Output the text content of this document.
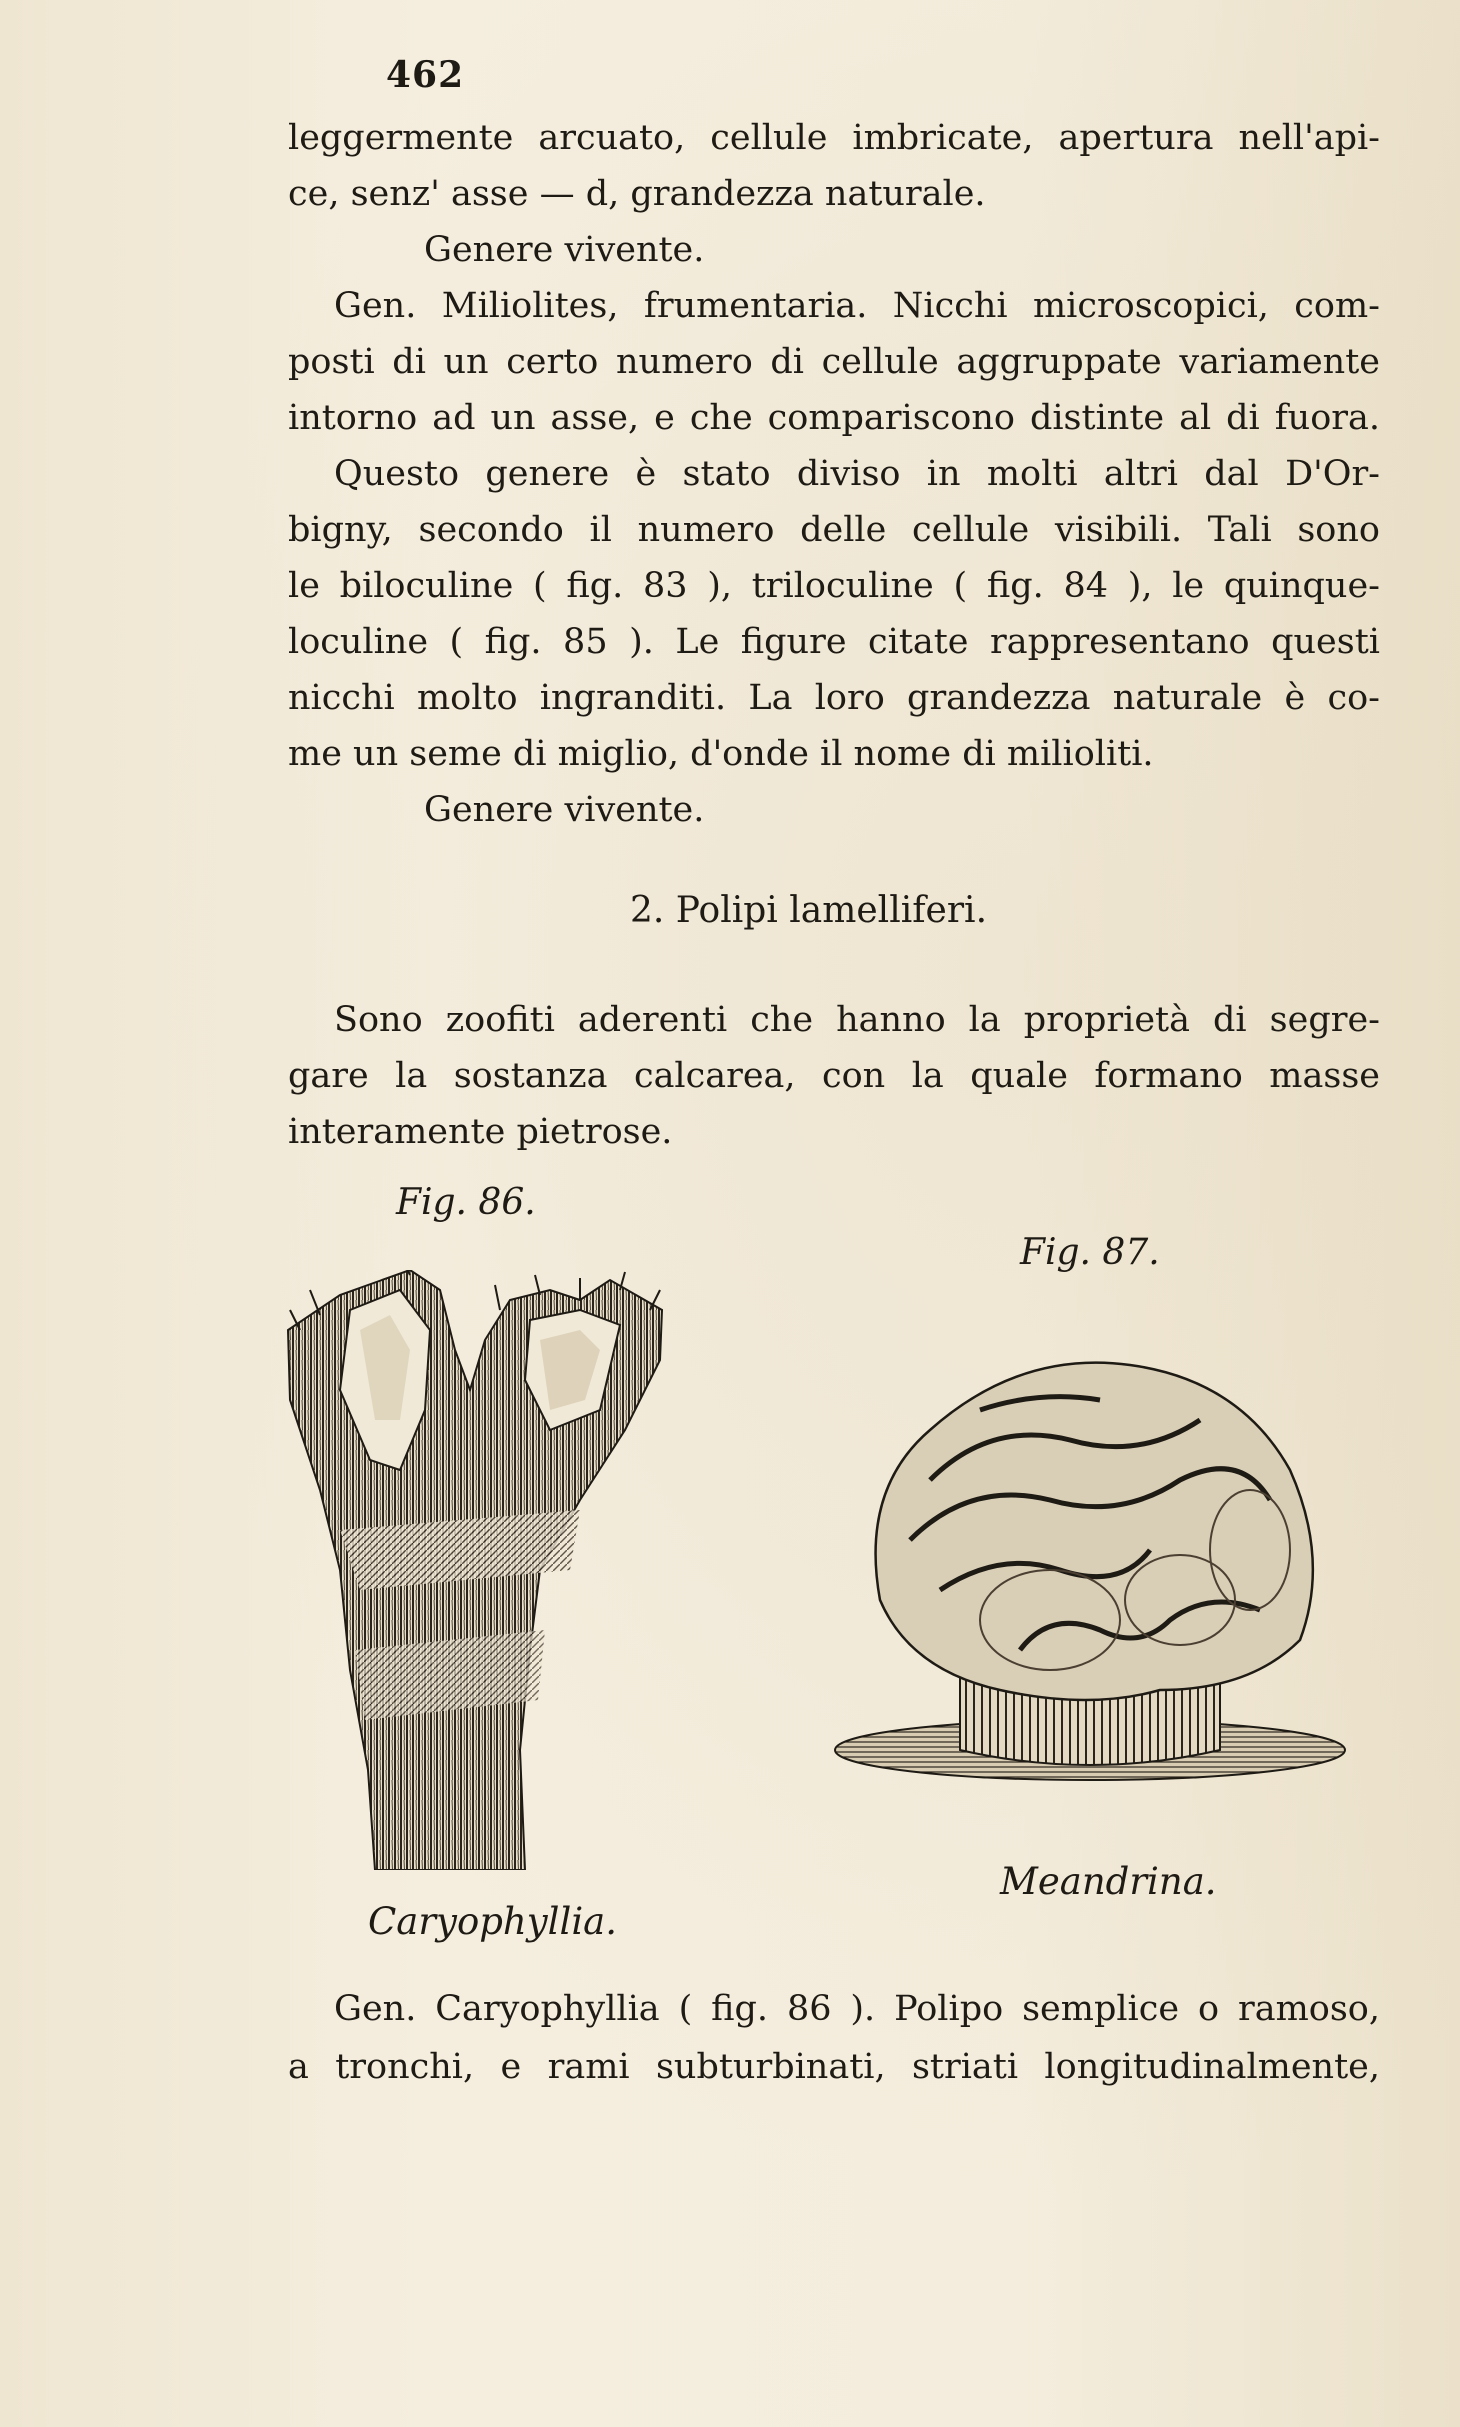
462
leggermente arcuato, cellule imbricate, apertura nell'api-
ce, senz' asse — d, grandezza naturale.
Genere vivente.
Gen. Miliolites, frumentaria. Nicchi microscopici, com-
posti di un certo numero di cellule aggruppate variamente
intorno ad un asse, e che compariscono distinte al di fuora.
Questo genere è stato diviso in molti altri dal D'Or-
bigny, secondo il numero delle cellule visibili. Tali sono
le biloculine ( fig. 83 ), triloculine ( fig. 84 ), le quinque-
loculine ( fig. 85 ). Le figure citate rappresentano questi
nicchi molto ingranditi. La loro grandezza naturale è co-
me un seme di miglio, d'onde il nome di milioliti.
Genere vivente.
2. Polipi lamelliferi.
Sono zoofiti aderenti che hanno la proprietà di segre-
gare la sostanza calcarea, con la quale formano masse
interamente pietrose.
Fig. 86.
Fig. 87.
Caryophyllia.
Meandrina.
Gen. Caryophyllia ( fig. 86 ). Polipo semplice o ramoso,
a tronchi, e rami subturbinati, striati longitudinalmente,
